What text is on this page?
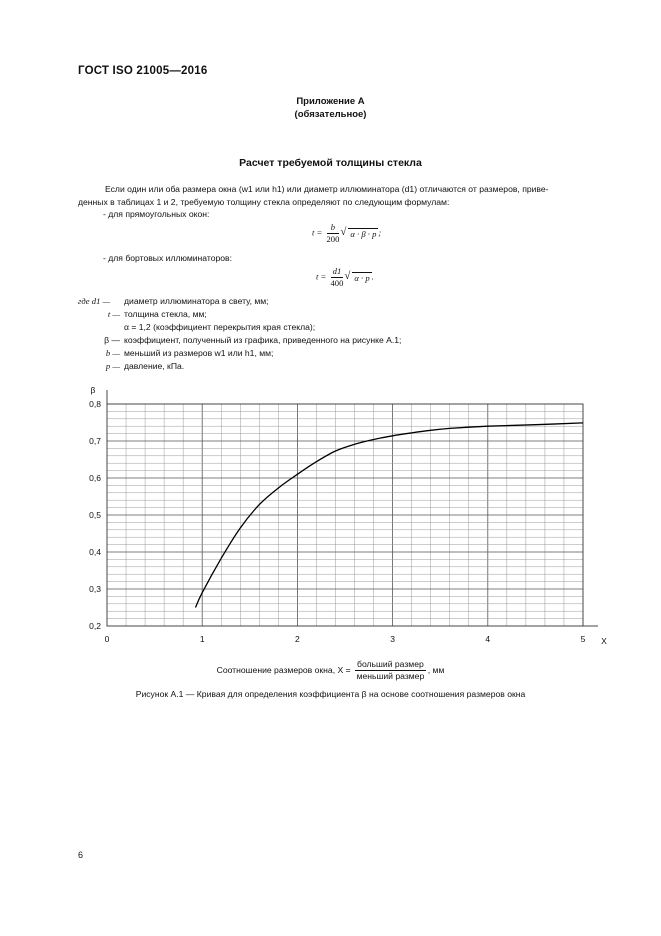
ГОСТ ISO 21005—2016
Приложение А
(обязательное)
Расчет требуемой толщины стекла
Если один или оба размера окна (w1 или h1) или диаметр иллюминатора (d1) отличаются от размеров, приве-
денных в таблицах 1 и 2, требуемую толщину стекла определяют по следующим формулам:
- для прямоугольных окон:
$t = \frac{b}{200}$ √ α · β · p ;
- для бортовых иллюминаторов:
$t = \frac{d1}{400}$ √ α · p .
где d1 — диаметр иллюминатора в свету, мм;
t — толщина стекла, мм;
α = 1,2 (коэффициент перекрытия края стекла);
β — коэффициент, полученный из графика, приведенного на рисунке А.1;
b — меньший из размеров w1 или h1, мм;
p — давление, кПа.
0,2
0,3
0,4
0,5
0,6
0,7
0,8
0	1	2	3	4	5 X
β
Соотношение размеров окна, $X = \frac{\text{больший размер}}{\text{меньший размер}}$ , мм
Рисунок А.1 — Кривая для определения коэффициента β на основе соотношения размеров окна
6
